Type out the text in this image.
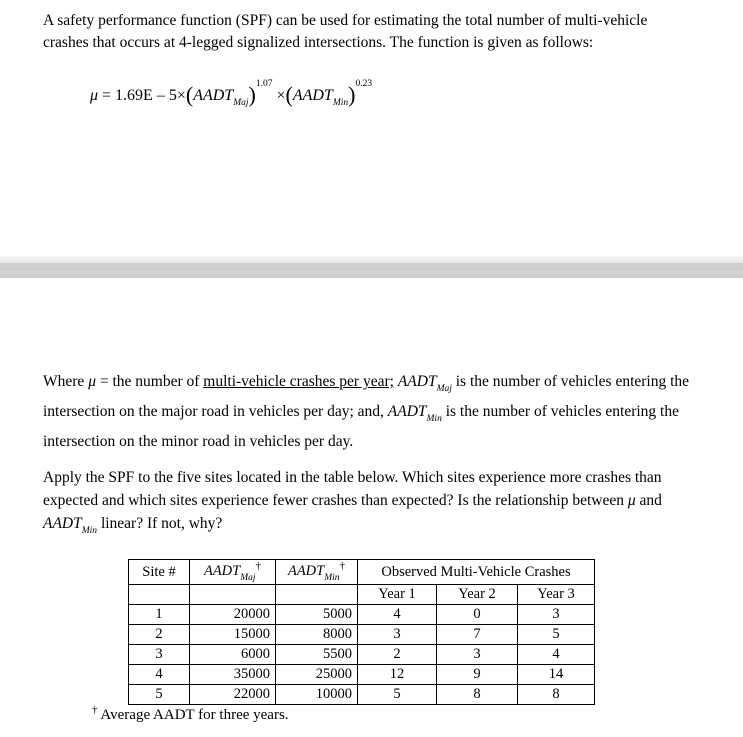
A safety performance function (SPF) can be used for estimating the total number of multi-vehicle crashes that occurs at 4-legged signalized intersections. The function is given as follows:

$\mu = 1.69E - 5\times(AADT_{Maj})^{1.07}$ $\times(AADT_{Min})^{0.23}$

Where μ = the number of multi-vehicle crashes per year; $AADT_{Maj}$ is the number of vehicles entering the intersection on the major road in vehicles per day; and, $AADT_{Min}$ is the number of vehicles entering the intersection on the minor road in vehicles per day.

Apply the SPF to the five sites located in the table below. Which sites experience more crashes than expected and which sites experience fewer crashes than expected? Is the relationship between μ and $AADT_{Min}$ linear? If not, why?

Site #	$AADT_{Maj}^\dagger$	$AADT_{Min}^\dagger$	Observed Multi-Vehicle Crashes		
			Year 1	Year 2	Year 3
1	20000	5000	4	0	3
2	15000	8000	3	7	5
3	6000	5500	2	3	4
4	35000	25000	12	9	14
5	22000	10000	5	8	8
† Average AADT for three years.
